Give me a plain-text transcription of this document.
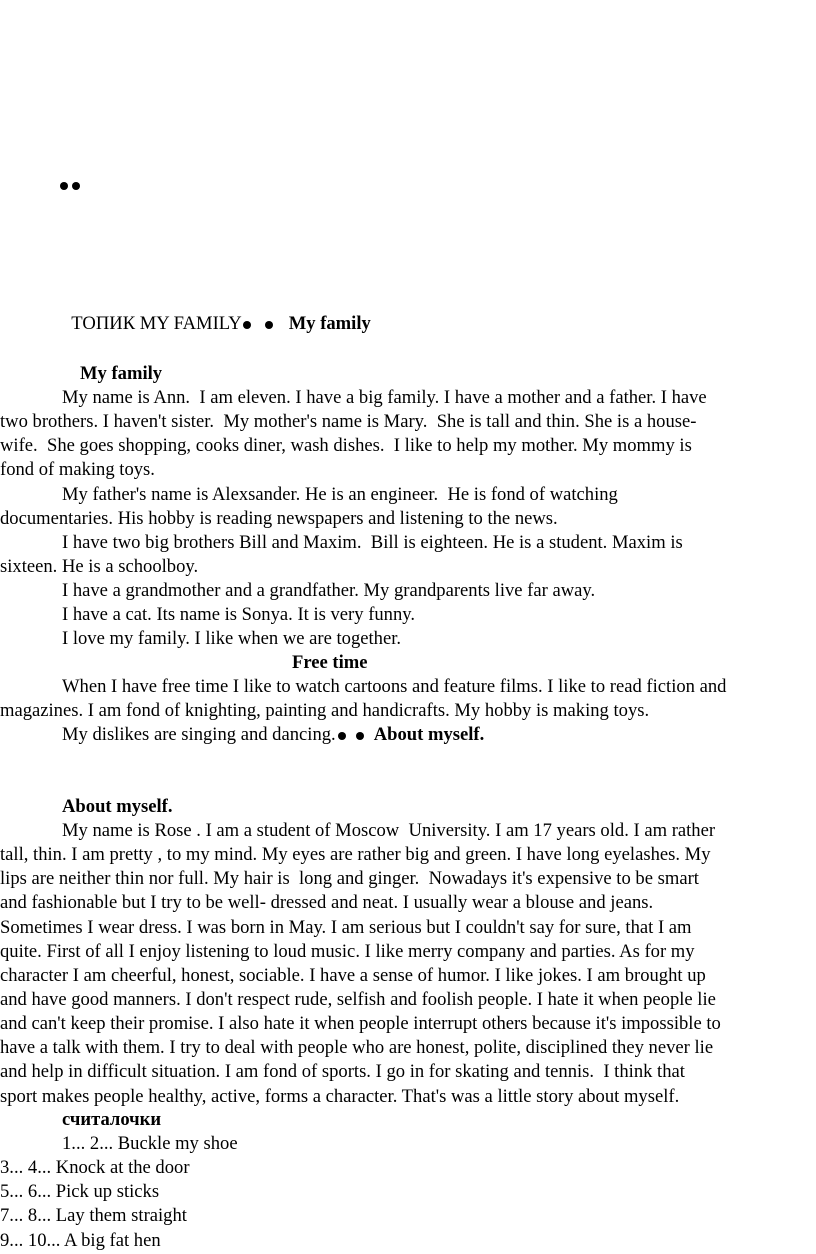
ТОПИК MY FAMILY	My family

My family
My name is Ann.  I am eleven. I have a big family. I have a mother and a father. I have
two brothers. I haven't sister.  My mother's name is Mary.  She is tall and thin. She is a house-
wife.  She goes shopping, cooks diner, wash dishes.  I like to help my mother. My mommy is
fond of making toys.
My father's name is Alexsander. He is an engineer.  He is fond of watching
documentaries. His hobby is reading newspapers and listening to the news.
I have two big brothers Bill and Maxim.  Bill is eighteen. He is a student. Maxim is
sixteen. He is a schoolboy.
I have a grandmother and a grandfather. My grandparents live far away.
I have a cat. Its name is Sonya. It is very funny.
I love my family. I like when we are together.
Free time
When I have free time I like to watch cartoons and feature films. I like to read fiction and
magazines. I am fond of knighting, painting and handicrafts. My hobby is making toys.
My dislikes are singing and dancing. About myself.
About myself.
My name is Rose . I am a student of Moscow  University. I am 17 years old. I am rather
tall, thin. I am pretty , to my mind. My eyes are rather big and green. I have long eyelashes. My
lips are neither thin nor full. My hair is  long and ginger.  Nowadays it's expensive to be smart
and fashionable but I try to be well- dressed and neat. I usually wear a blouse and jeans.
Sometimes I wear dress. I was born in May. I am serious but I couldn't say for sure, that I am
quite. First of all I enjoy listening to loud music. I like merry company and parties. As for my
character I am cheerful, honest, sociable. I have a sense of humor. I like jokes. I am brought up
and have good manners. I don't respect rude, selfish and foolish people. I hate it when people lie
and can't keep their promise. I also hate it when people interrupt others because it's impossible to
have a talk with them. I try to deal with people who are honest, polite, disciplined they never lie
and help in difficult situation. I am fond of sports. I go in for skating and tennis.  I think that
sport makes people healthy, active, forms a character. That's was a little story about myself.
считалочки
1... 2... Buckle my shoe
3... 4... Knock at the door
5... 6... Pick up sticks
7... 8... Lay them straight
9... 10... A big fat hen
